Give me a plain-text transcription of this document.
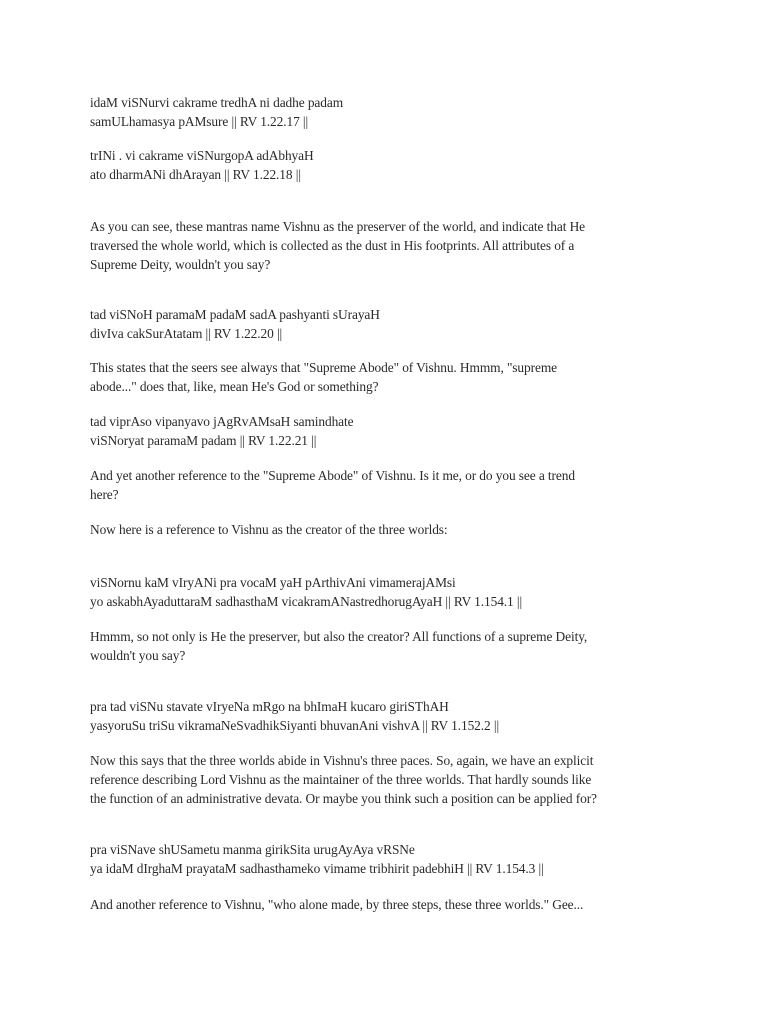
idaM viSNurvi cakrame tredhA ni dadhe padam
samULhamasya pAMsure || RV 1.22.17 ||
trINi . vi cakrame viSNurgopA adAbhyaH
ato dharmANi dhArayan || RV 1.22.18 ||
As you can see, these mantras name Vishnu as the preserver of the world, and indicate that He
traversed the whole world, which is collected as the dust in His footprints. All attributes of a
Supreme Deity, wouldn't you say?
tad viSNoH paramaM padaM sadA pashyanti sUrayaH
divIva cakSurAtatam || RV 1.22.20 ||
This states that the seers see always that "Supreme Abode" of Vishnu. Hmmm, "supreme
abode..." does that, like, mean He's God or something?
tad viprAso vipanyavo jAgRvAMsaH samindhate
viSNoryat paramaM padam || RV 1.22.21 ||
And yet another reference to the "Supreme Abode" of Vishnu. Is it me, or do you see a trend
here?
Now here is a reference to Vishnu as the creator of the three worlds:
viSNornu kaM vIryANi pra vocaM yaH pArthivAni vimamerajAMsi
yo askabhAyaduttaraM sadhasthaM vicakramANastredhorugAyaH || RV 1.154.1 ||
Hmmm, so not only is He the preserver, but also the creator? All functions of a supreme Deity,
wouldn't you say?
pra tad viSNu stavate vIryeNa mRgo na bhImaH kucaro giriSThAH
yasyoruSu triSu vikramaNeSvadhikSiyanti bhuvanAni vishvA || RV 1.152.2 ||
Now this says that the three worlds abide in Vishnu's three paces. So, again, we have an explicit
reference describing Lord Vishnu as the maintainer of the three worlds. That hardly sounds like
the function of an administrative devata. Or maybe you think such a position can be applied for?
pra viSNave shUSametu manma girikSita urugAyAya vRSNe
ya idaM dIrghaM prayataM sadhasthameko vimame tribhirit padebhiH || RV 1.154.3 ||
And another reference to Vishnu, "who alone made, by three steps, these three worlds." Gee...
